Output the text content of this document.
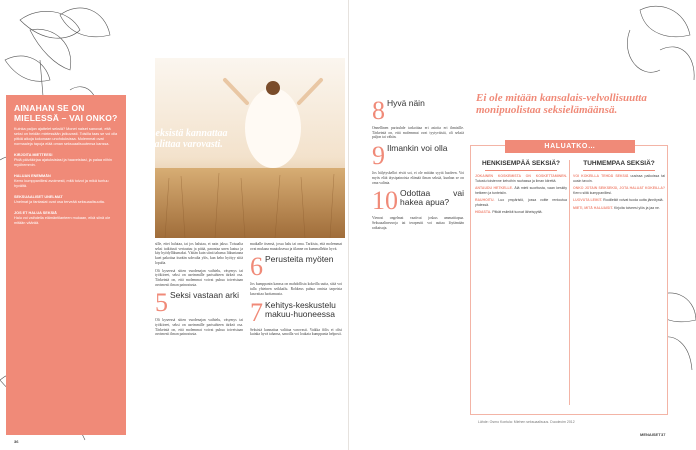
AINAHAN SE ON MIELESSÄ – VAI ONKO?

Kuinka paljon ajattelet seksiä? Monet naiset sanovat, että seksi on heidän mielessään jatkuvasti. Toisilla taas se voi olla pitkiä aikoja kokonaan unohduksissa. Molemmat ovat normaaleja tapoja elää oman seksuaalisuutensa kanssa.

KIRJOITA MIETTEESI

Pidä päiväkirjaa ajatuksistasi ja haaveistasi, ja palaa niihin myöhemmin.

HALUAN ENEMMÄN

Kerro kumppanillesi avoimesti, mitä toivot ja mikä tuntuu hyvältä.

SEKSUAALISET UNELMAT

Unelmat ja fantasiat ovat osa terveää seksuaalisuutta.

JOS ET HALUA SEKSIÄ

Halu voi vaihdella elämäntilanteen mukaan, eikä siinä ole mitään väärää.

Seksistä kannattaa valittaa varovasti.

sille, ettei halutaa, tai jos halutaa, ei nain jakso. Toisaalta seksi tutkitusti vertautuu ja pitää, parantaa unen laatua ja käy hyödyllikumaksi. Väitän kuin siinä tahansa liikuntaana kuei pakottaa itseään sohvalta ylös, kun keho hyötyy siitä lopulta.

Oli kyseessä sitten vuodenajan vaihtelu, väsymys tai työkiireet, seksi on useimmille parisuhteen tärkeä osa. Tärkeintä on, että molemmat voivat puhua toiveistaan avoimesti ilman painostusta.

5 Seksi vastaan arki

Oli kyseessä sitten vuodenajan vaihtelu, väsymys tai työkiireet, seksi on useimmille parisuhteen tärkeä osa. Tärkeintä on, että molemmat voivat puhua toiveistaan avoimesti ilman painostusta.

mutkalle itsensä, jossa halu tai oma. Tarkista, että molemmat ovat mukana muutoksessa ja tilanne on kummallekin hyvä.

6 Perusteita myöten

Jos kumppanin kanssa on mahdollista kokeilla uutta, siitä voi tulla yhteinen seikkailu. Rohkeus puhua omista tarpeista kasvattaa luottamusta.

7 Kehitys-keskustelu makuu-huoneessa

Seksistä kannattaa valittaa varovasti. Vaikka fiilis ei olisi kuinka hyvä tahansa, sanoilla voi loukata kumppania helposti.

8 Hyvä näin

Onnellinen parisuhde tarkoittaa eri asioita eri ihmisille. Tärkeintä on, että molemmat ovat tyytyväisiä, oli seksiä paljon tai vähän.

9 Ilmankin voi olla

Jos hälytyskellot eivät soi, ei ole mitään syytä huoleen. Voi myös elää täysipainoista elämää ilman seksiä, kunhan se on oma valinta.

10 Odottaa vai hakea apua?

Vienosi ongelmat vaativat joskus ammattiapua. Seksuaalineuvoja tai terapeutti voi auttaa löytämään ratkaisuja.

Ei ole mitään kansalais-velvollisuutta monipuolistaa seksielämäänsä.
HALUATKO…
HENKISEMPÄÄ SEKSIÄ?

JOKAINEN KOSKEMISTA ON KOSKETTAMINEN. Tutustu toistenne kehoihin rauhassa ja ilman kiirettä.

ANTAUDU HETKELLE. Älä mieti suoritusta, vaan keskity hetkeen ja tunteisiin.

RAUHOITU. Luo ympäristö, jossa voitte rentoutua yhdessä.

HIDASTA. Pitkät esileikit tuovat läheisyyttä.

TUHMEMPAA SEKSIÄ?

VOI KOKEILLA TEHDÄ SEKSIÄ uusissa paikoissa tai uusin tavoin.

ONKO JOTAIN SEIKSEKSI, JOTA HALUAT KOKEILLA? Kerro siitä kumppanillesi.

LUOVUTA LEIKIT. Roolileikit voivat tuoda uutta jännitystä.

MIETI, MITÄ HALUAISIT. Kirjoita toiveesi ylös ja jaa ne.

Lähde: Osmo Kontula: Miehen seksuaalisuus. Duodecim 2012
MENAISET
36
37
